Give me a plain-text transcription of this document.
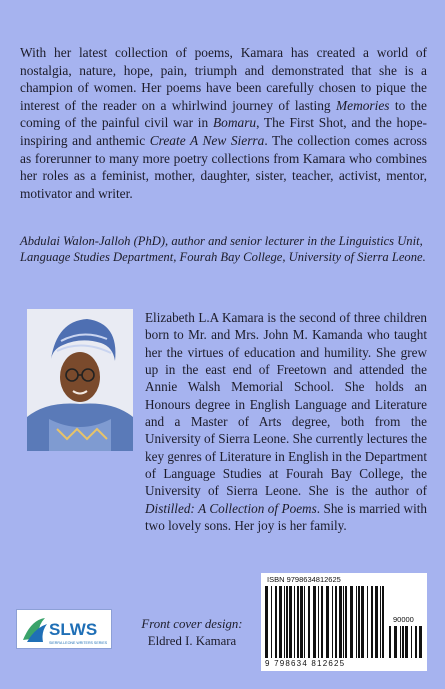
With her latest collection of poems, Kamara has created a world of nostalgia, nature, hope, pain, triumph and demonstrated that she is a champion of women. Her poems have been carefully chosen to pique the interest of the reader on a whirlwind journey of lasting Memories to the coming of the painful civil war in Bomaru, The First Shot, and the hope-inspiring and anthemic Create A New Sierra. The collection comes across as forerunner to many more poetry collections from Kamara who combines her roles as a feminist, mother, daughter, sister, teacher, activist, mentor, motivator and writer.

Abdulai Walon-Jalloh (PhD), author and senior lecturer in the Linguistics Unit, Language Studies Department, Fourah Bay College, University of Sierra Leone.

Elizabeth L.A Kamara is the second of three children born to Mr. and Mrs. John M. Kamanda who taught her the virtues of education and humility. She grew up in the east end of Freetown and attended the Annie Walsh Memorial School. She holds an Honours degree in English Language and Literature and a Master of Arts degree, both from the University of Sierra Leone. She currently lectures the key genres of Literature in English in the Department of Language Studies at Fourah Bay College, the University of Sierra Leone. She is the author of Distilled: A Collection of Poems. She is married with two lovely sons. Her joy is her family.

SLWS
SIERRA LEONE WRITERS SERIES
Front cover design:
Eldred I. Kamara
ISBN 9798634812625
90000
9 798634 812625
